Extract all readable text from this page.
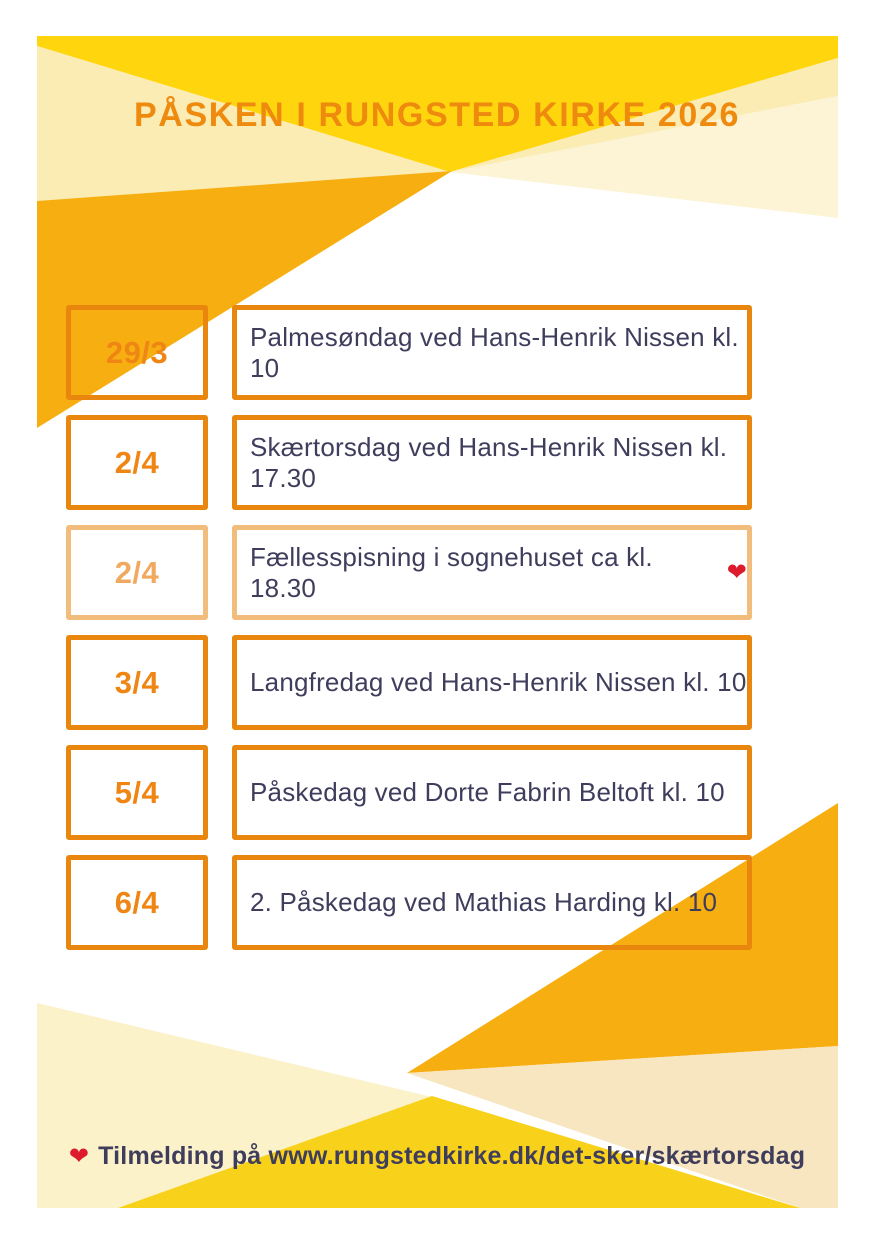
PÅSKEN I RUNGSTED KIRKE 2026
29/3	Palmesøndag ved Hans-Henrik Nissen kl. 10
2/4	Skærtorsdag ved Hans-Henrik Nissen kl. 17.30
2/4	Fællesspisning i sognehuset ca kl. 18.30	❤
3/4	Langfredag ved Hans-Henrik Nissen kl. 10
5/4	Påskedag ved Dorte Fabrin Beltoft kl. 10
6/4	2. Påskedag ved Mathias Harding kl. 10
❤ Tilmelding på www.rungstedkirke.dk/det-sker/skærtorsdag
